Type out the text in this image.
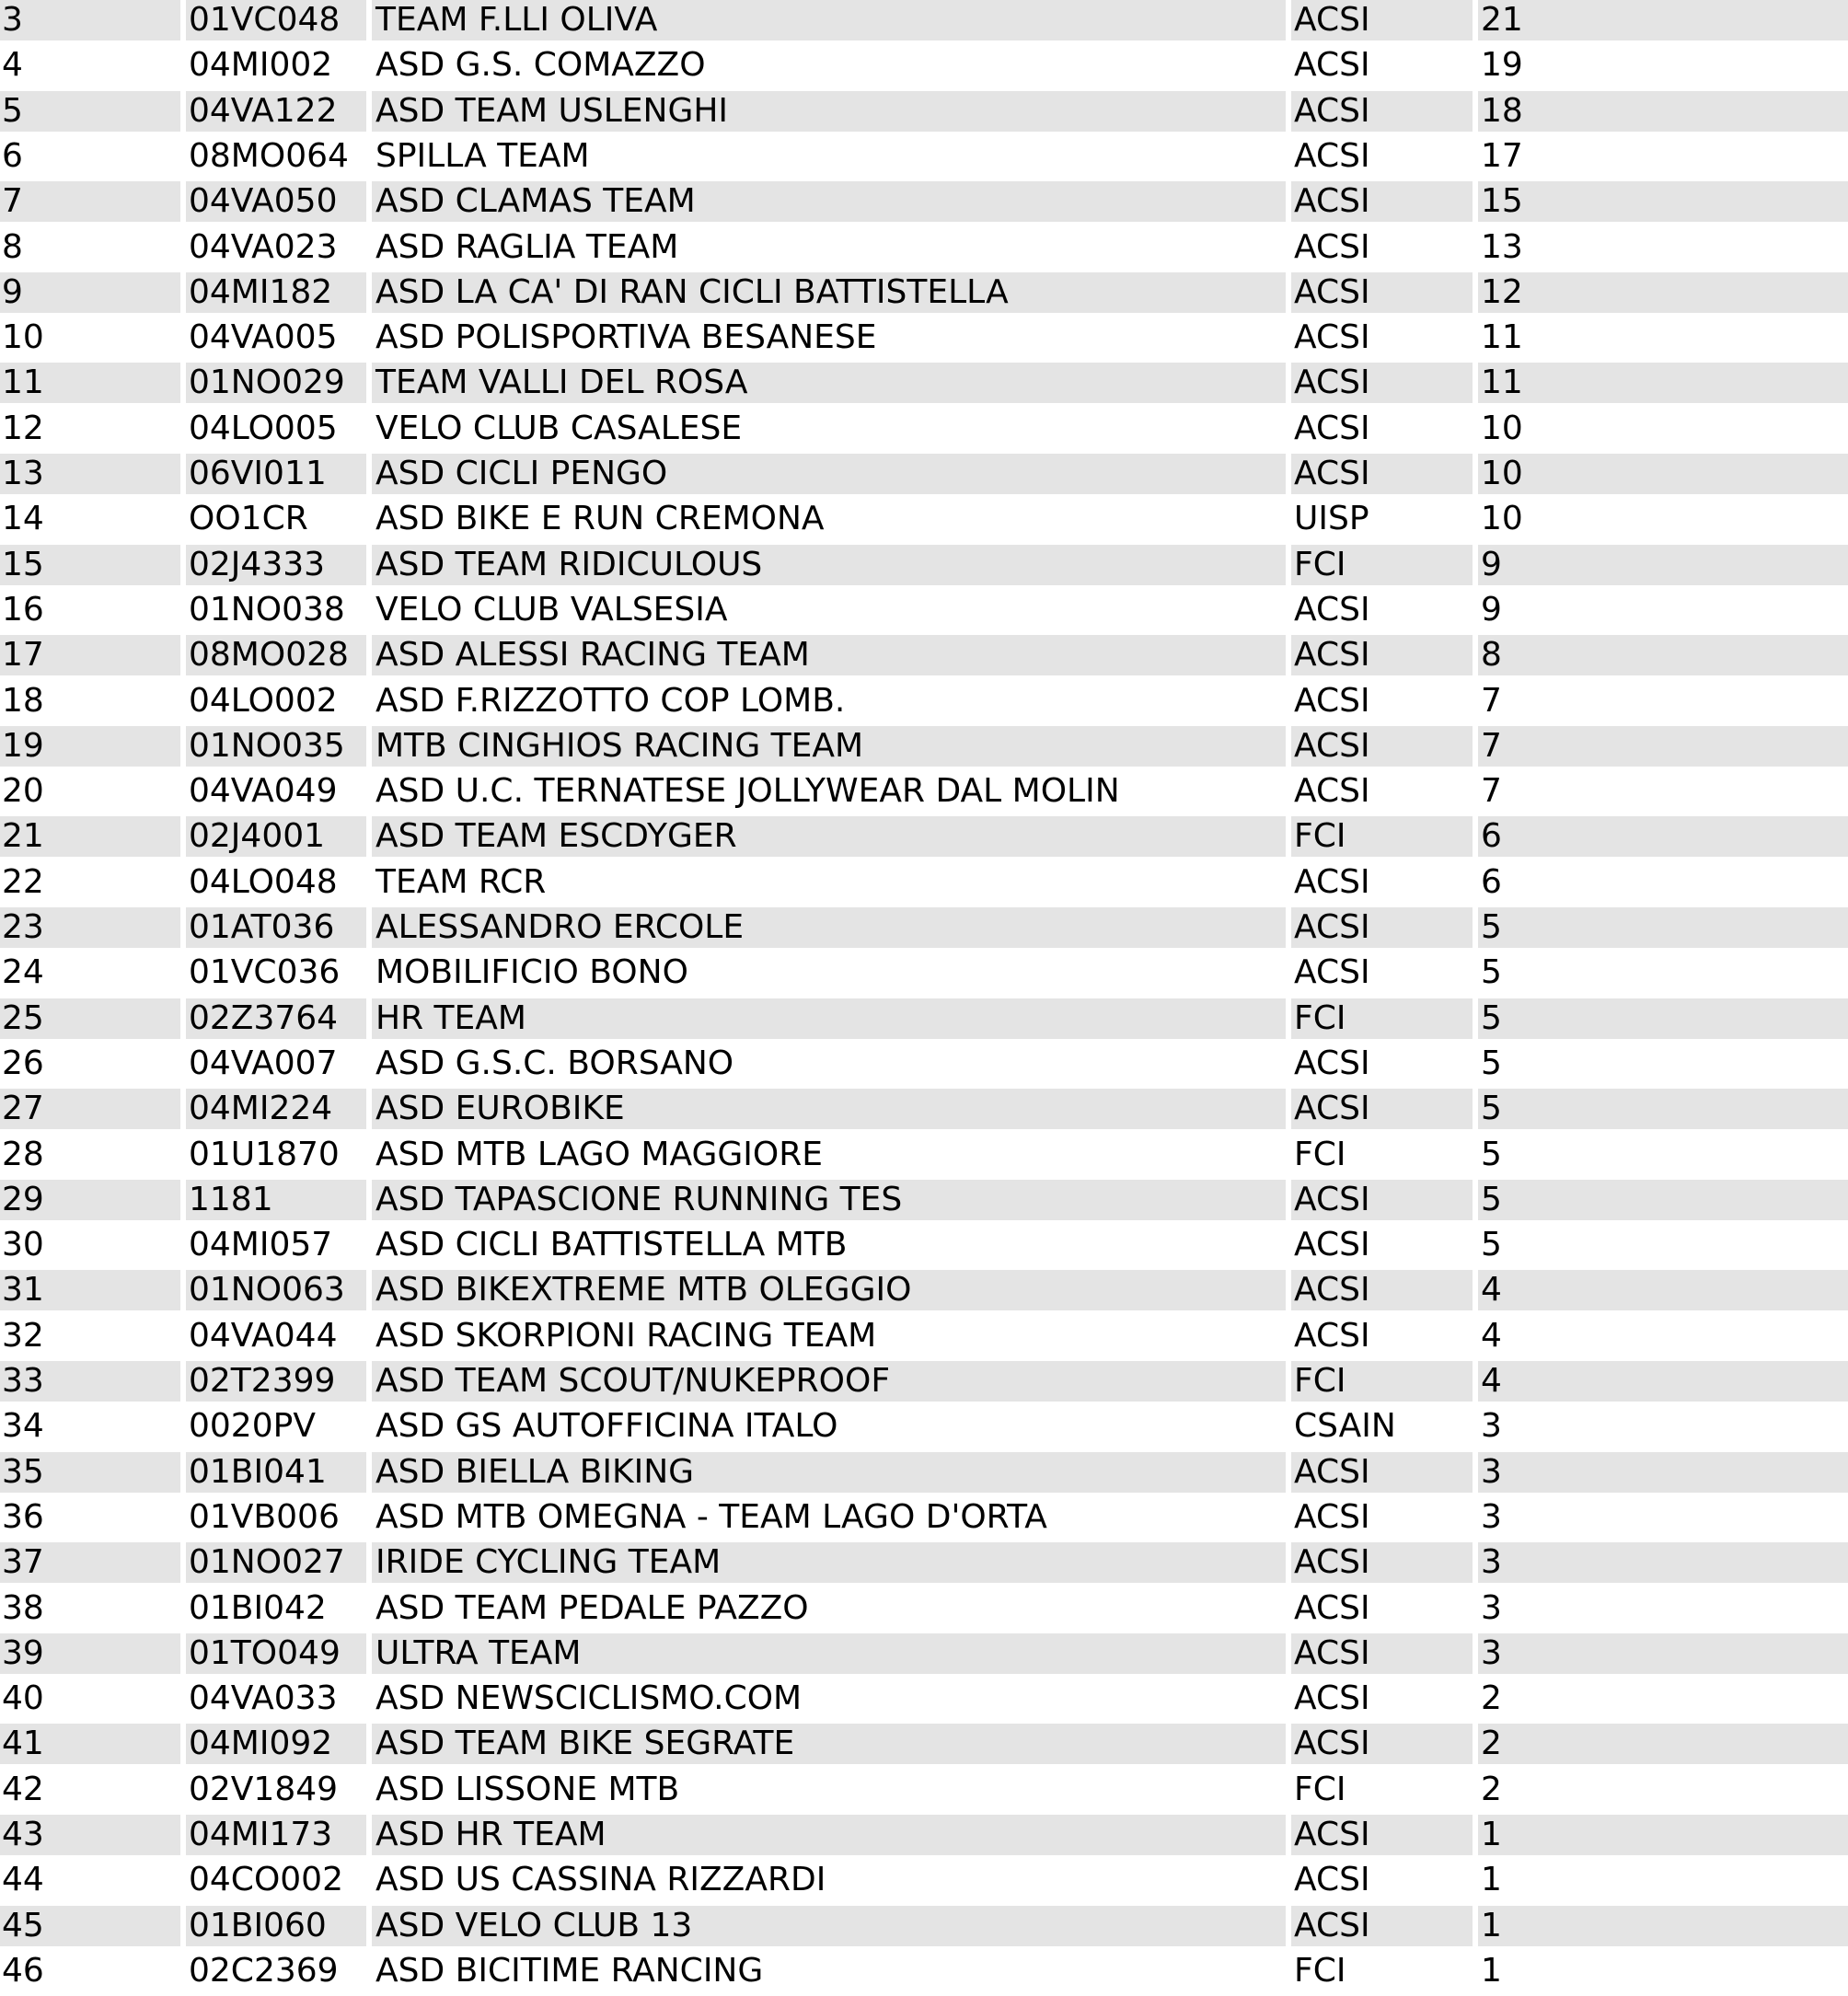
3	01VC048	TEAM F.LLI OLIVA	ACSI	21
4	04MI002	ASD G.S. COMAZZO	ACSI	19
5	04VA122	ASD TEAM USLENGHI	ACSI	18
6	08MO064 SPILLA TEAM	ACSI	17
7	04VA050	ASD CLAMAS TEAM	ACSI	15
8	04VA023	ASD RAGLIA TEAM	ACSI	13
9	04MI182	ASD LA CA' DI RAN CICLI BATTISTELLA	ACSI	12
10	04VA005	ASD POLISPORTIVA BESANESE	ACSI	11
11	01NO029 TEAM VALLI DEL ROSA	ACSI	11
12	04LO005	VELO CLUB CASALESE	ACSI	10
13	06VI011	ASD CICLI PENGO	ACSI	10
14	OO1CR	ASD BIKE E RUN CREMONA	UISP	10
15	02J4333	ASD TEAM RIDICULOUS	FCI	9
16	01NO038 VELO CLUB VALSESIA	ACSI	9
17	08MO028 ASD ALESSI RACING TEAM	ACSI	8
18	04LO002	ASD F.RIZZOTTO COP LOMB.	ACSI	7
19	01NO035 MTB CINGHIOS RACING TEAM	ACSI	7
20	04VA049	ASD U.C. TERNATESE JOLLYWEAR DAL MOLIN	ACSI	7
21	02J4001	ASD TEAM ESCDYGER	FCI	6
22	04LO048	TEAM RCR	ACSI	6
23	01AT036	ALESSANDRO ERCOLE	ACSI	5
24	01VC036	MOBILIFICIO BONO	ACSI	5
25	02Z3764	HR TEAM	FCI	5
26	04VA007	ASD G.S.C. BORSANO	ACSI	5
27	04MI224	ASD EUROBIKE	ACSI	5
28	01U1870	ASD MTB LAGO MAGGIORE	FCI	5
29	1181	ASD TAPASCIONE RUNNING TES	ACSI	5
30	04MI057	ASD CICLI BATTISTELLA MTB	ACSI	5
31	01NO063 ASD BIKEXTREME MTB OLEGGIO	ACSI	4
32	04VA044	ASD SKORPIONI RACING TEAM	ACSI	4
33	02T2399	ASD TEAM SCOUT/NUKEPROOF	FCI	4
34	0020PV	ASD GS AUTOFFICINA ITALO	CSAIN	3
35	01BI041	ASD BIELLA BIKING	ACSI	3
36	01VB006	ASD MTB OMEGNA - TEAM LAGO D'ORTA	ACSI	3
37	01NO027 IRIDE CYCLING TEAM	ACSI	3
38	01BI042	ASD TEAM PEDALE PAZZO	ACSI	3
39	01TO049	ULTRA TEAM	ACSI	3
40	04VA033	ASD NEWSCICLISMO.COM	ACSI	2
41	04MI092	ASD TEAM BIKE SEGRATE	ACSI	2
42	02V1849	ASD LISSONE MTB	FCI	2
43	04MI173	ASD HR TEAM	ACSI	1
44	04CO002 ASD US CASSINA RIZZARDI	ACSI	1
45	01BI060	ASD VELO CLUB 13	ACSI	1
46	02C2369	ASD BICITIME RANCING	FCI	1
